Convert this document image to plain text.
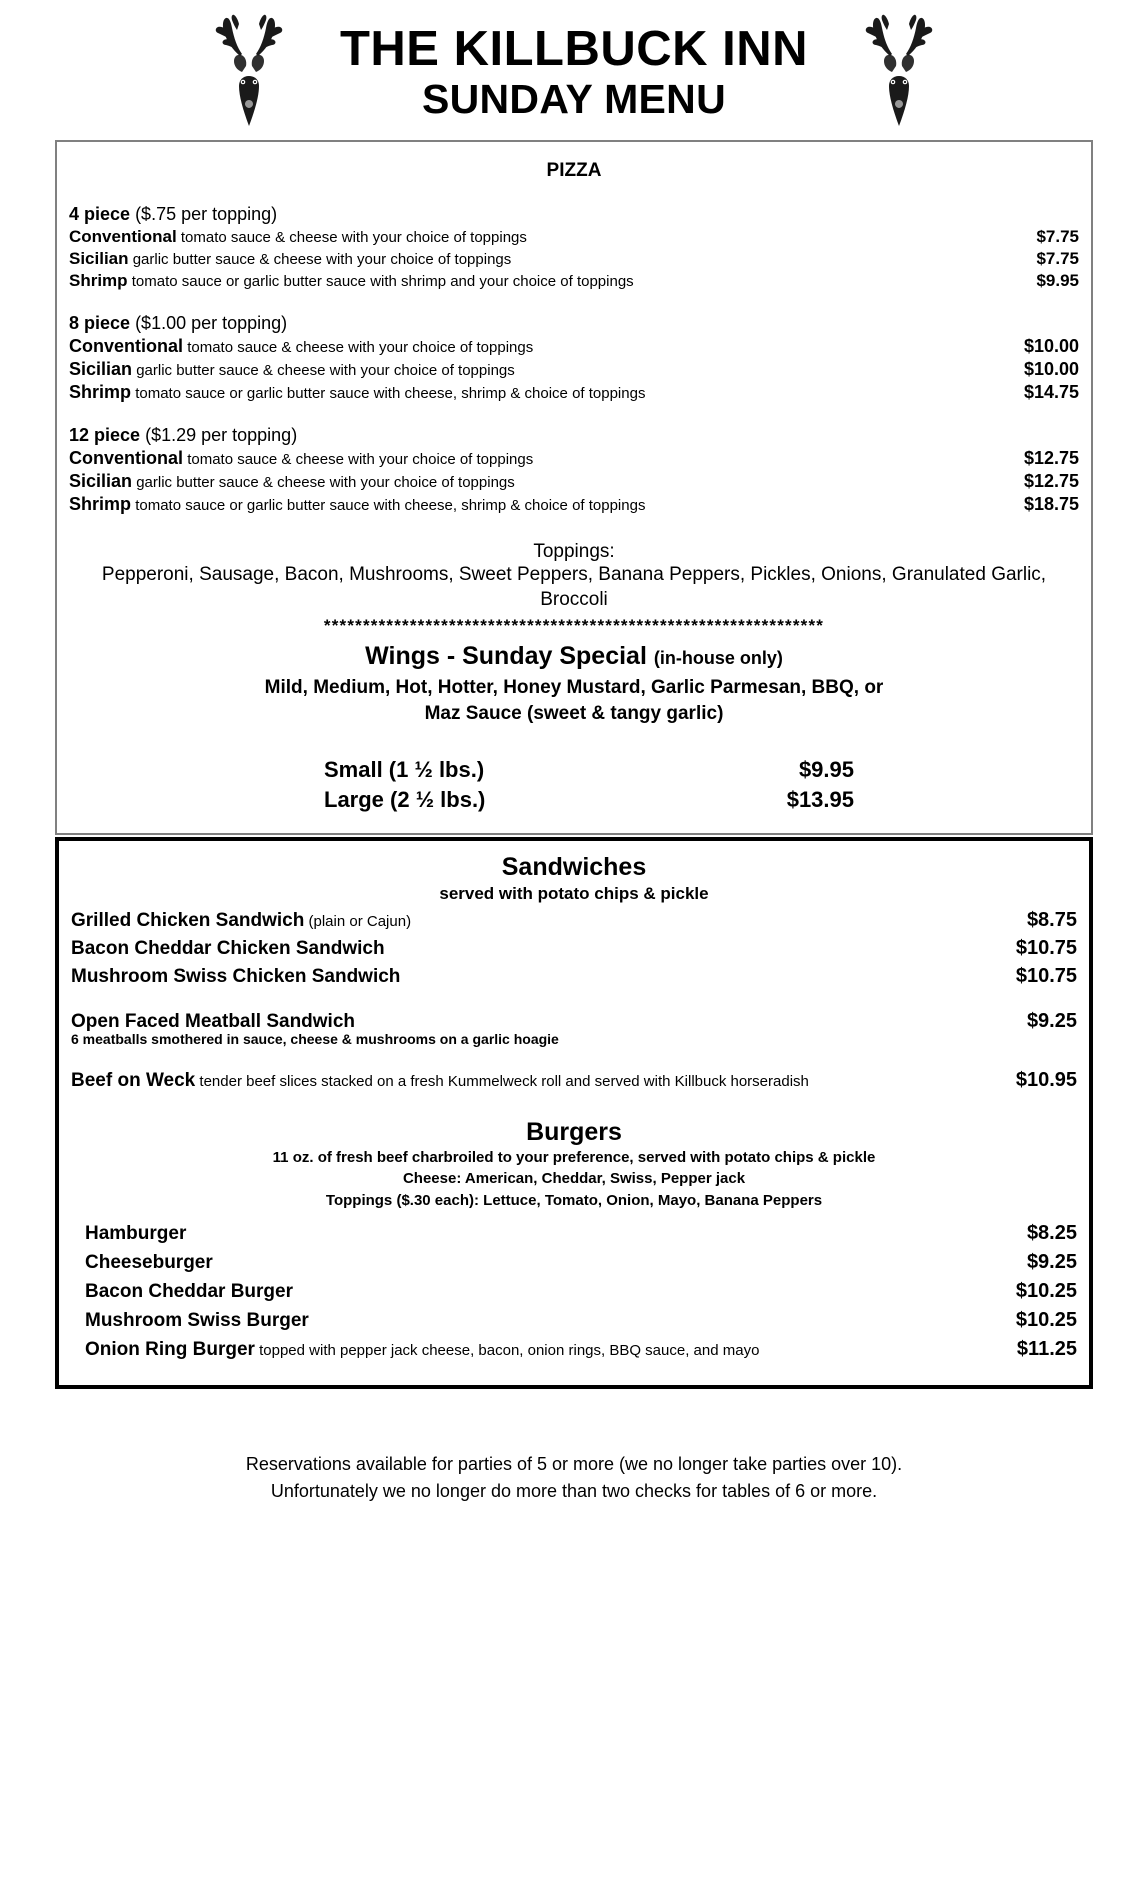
THE KILLBUCK INN
SUNDAY MENU
PIZZA
4 piece ($.75 per topping)
Conventional tomato sauce & cheese with your choice of toppings	$7.75
Sicilian garlic butter sauce & cheese with your choice of toppings	$7.75
Shrimp tomato sauce or garlic butter sauce with shrimp and your choice of toppings	$9.95
8 piece ($1.00 per topping)
Conventional tomato sauce & cheese with your choice of toppings	$10.00
Sicilian garlic butter sauce & cheese with your choice of toppings	$10.00
Shrimp tomato sauce or garlic butter sauce with cheese, shrimp & choice of toppings	$14.75
12 piece ($1.29 per topping)
Conventional tomato sauce & cheese with your choice of toppings	$12.75
Sicilian garlic butter sauce & cheese with your choice of toppings	$12.75
Shrimp tomato sauce or garlic butter sauce with cheese, shrimp & choice of toppings	$18.75
Toppings:
Pepperoni, Sausage, Bacon, Mushrooms, Sweet Peppers, Banana Peppers, Pickles, Onions, Granulated Garlic, Broccoli
****************************************************************
Wings - Sunday Special (in-house only)
Mild, Medium, Hot, Hotter, Honey Mustard, Garlic Parmesan, BBQ, or
Maz Sauce (sweet & tangy garlic)
Small (1 ½ lbs.)	$9.95
Large (2 ½ lbs.)	$13.95
Sandwiches
served with potato chips & pickle
Grilled Chicken Sandwich (plain or Cajun)	$8.75
Bacon Cheddar Chicken Sandwich	$10.75
Mushroom Swiss Chicken Sandwich	$10.75
Open Faced Meatball Sandwich	$9.25
6 meatballs smothered in sauce, cheese & mushrooms on a garlic hoagie
Beef on Weck tender beef slices stacked on a fresh Kummelweck roll and served with Killbuck horseradish	$10.95
Burgers
11 oz. of fresh beef charbroiled to your preference, served with potato chips & pickle
Cheese: American, Cheddar, Swiss, Pepper jack
Toppings ($.30 each): Lettuce, Tomato, Onion, Mayo, Banana Peppers
Hamburger	$8.25
Cheeseburger	$9.25
Bacon Cheddar Burger	$10.25
Mushroom Swiss Burger	$10.25
Onion Ring Burger topped with pepper jack cheese, bacon, onion rings, BBQ sauce, and mayo	$11.25
Reservations available for parties of 5 or more (we no longer take parties over 10).
Unfortunately we no longer do more than two checks for tables of 6 or more.
